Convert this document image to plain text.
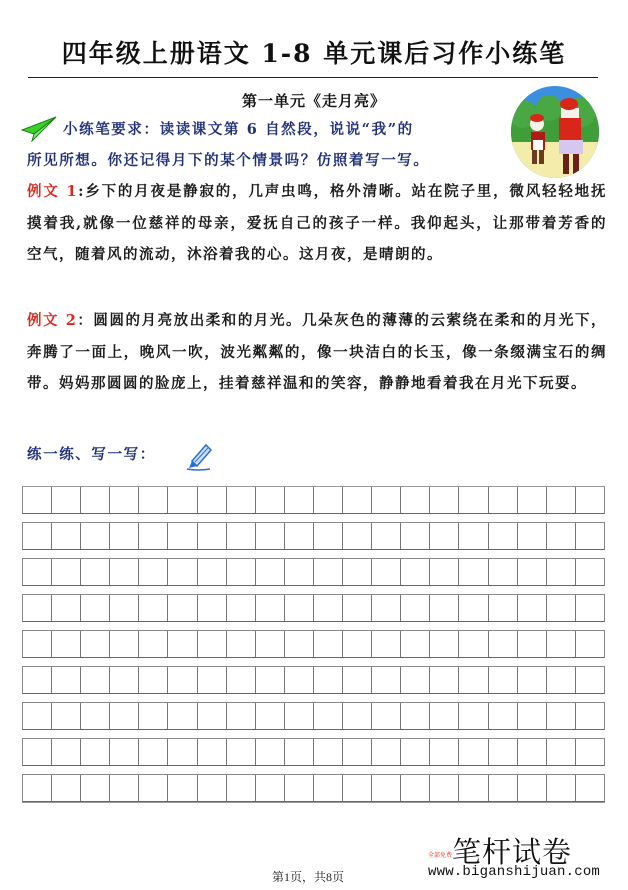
四年级上册语文 1-8 单元课后习作小练笔
第一单元《走月亮》
小练笔要求：读读课文第 6 自然段，说说“我”的
所见所想。你还记得月下的某个情景吗？仿照着写一写。
例文 1:乡下的月夜是静寂的，几声虫鸣，格外清晰。站在院子里，微风轻轻地抚摸着我,就像一位慈祥的母亲，爱抚自己的孩子一样。我仰起头，让那带着芳香的空气，随着风的流动，沐浴着我的心。这月夜，是晴朗的。
例文 2：圆圆的月亮放出柔和的月光。几朵灰色的薄薄的云萦绕在柔和的月光下，奔腾了一面上，晚风一吹，波光粼粼的，像一块洁白的长玉，像一条缀满宝石的绸带。妈妈那圆圆的脸庞上，挂着慈祥温和的笑容，静静地看着我在月光下玩耍。
练一练、写一写：
第1页，共8页
全部免费 笔杆试卷
www.biganshijuan.com
